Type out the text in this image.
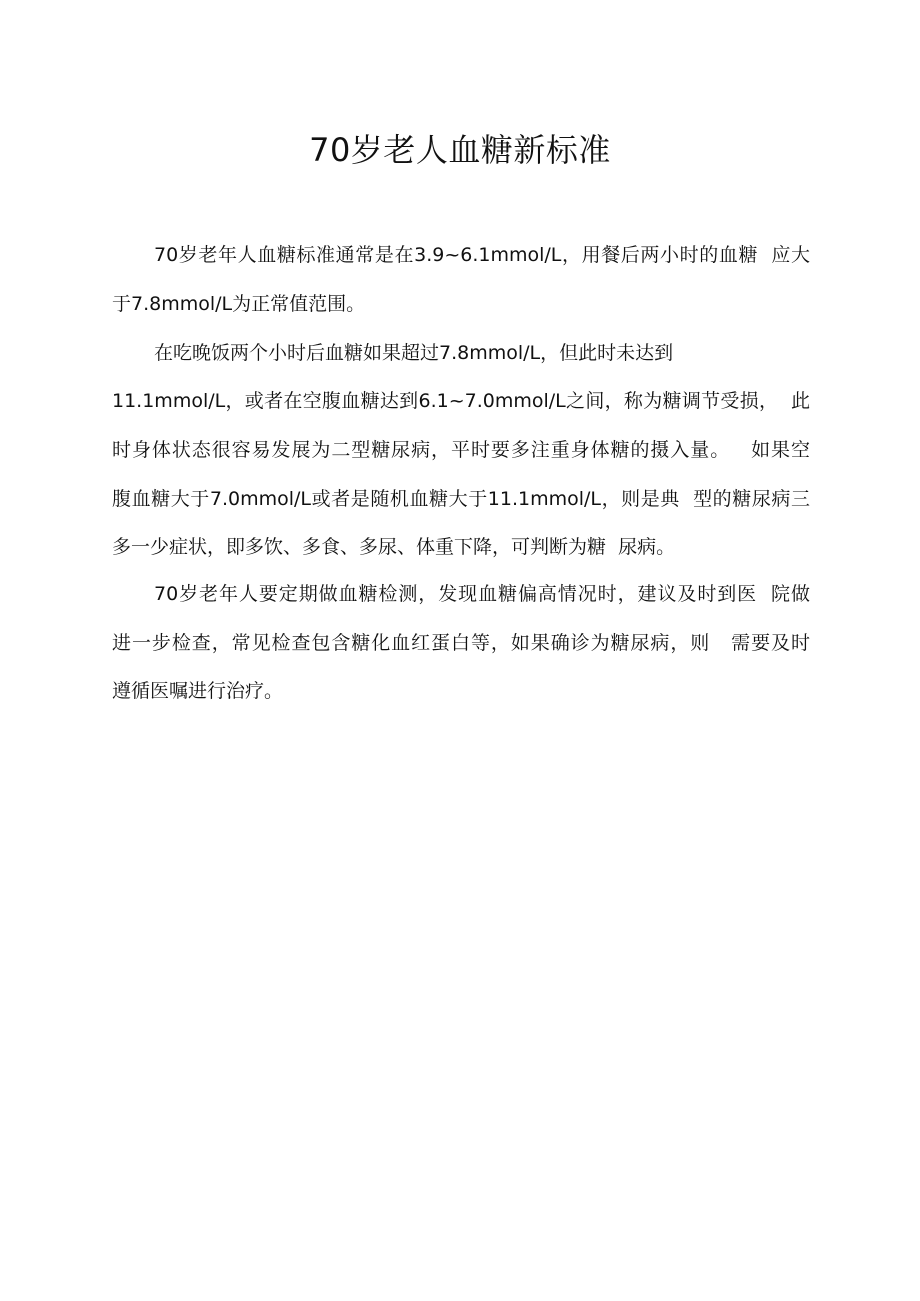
70岁老人血糖新标准

70岁老年人血糖标准通常是在3.9~6.1mmol/L，用餐后两小时的血糖  应大

于7.8mmol/L为正常值范围。

在吃晚饭两个小时后血糖如果超过7.8mmol/L，但此时未达到

11.1mmol/L，或者在空腹血糖达到6.1~7.0mmol/L之间，称为糖调节受损，  此

时身体状态很容易发展为二型糖尿病，平时要多注重身体糖的摄入量。   如果空

腹血糖大于7.0mmol/L或者是随机血糖大于11.1mmol/L，则是典  型的糖尿病三

多一少症状，即多饮、多食、多尿、体重下降，可判断为糖  尿病。

70岁老年人要定期做血糖检测，发现血糖偏高情况时，建议及时到医  院做

进一步检查，常见检查包含糖化血红蛋白等，如果确诊为糖尿病，则   需要及时

遵循医嘱进行治疗。
